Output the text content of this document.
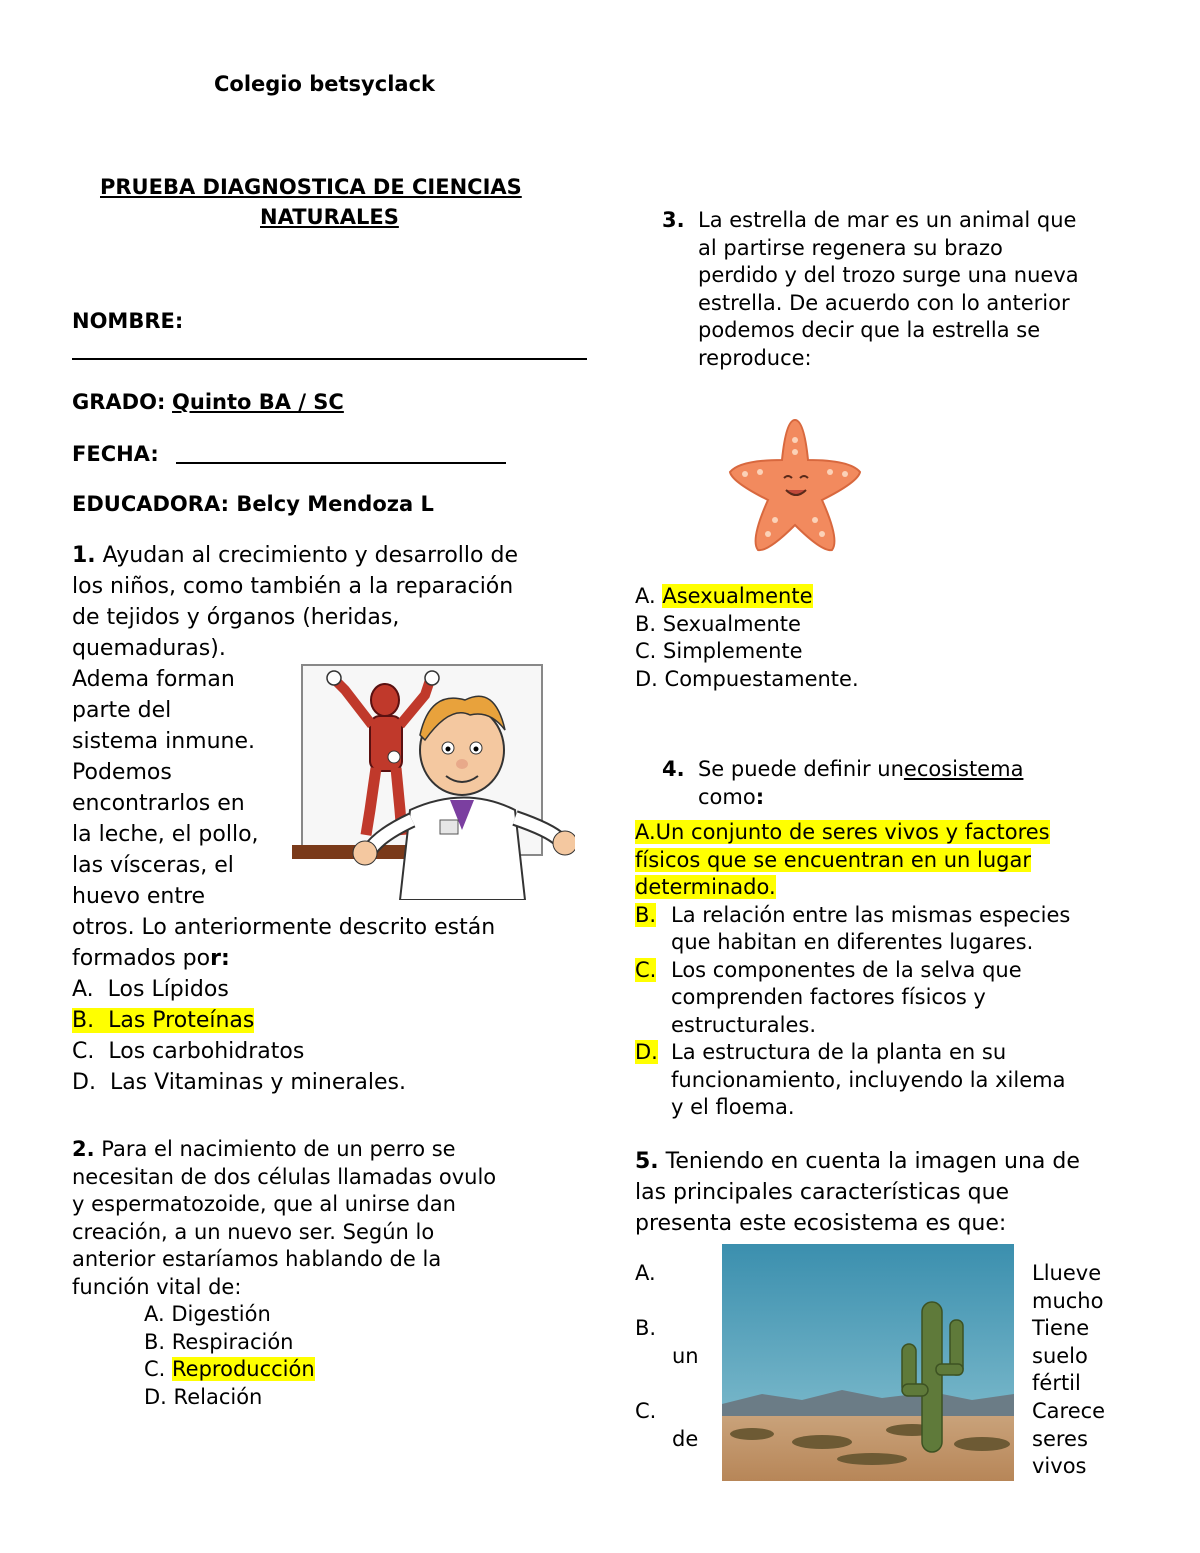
Colegio betsyclack
PRUEBA DIAGNOSTICA DE CIENCIAS
NATURALES
NOMBRE:
GRADO: Quinto BA / SC
FECHA:
EDUCADORA: Belcy Mendoza L
1. Ayudan al crecimiento y desarrollo de
los niños, como también a la reparación
de tejidos y órganos (heridas,
quemaduras).
Adema forman
parte del
sistema inmune.
Podemos
encontrarlos en
la leche, el pollo,
las vísceras, el
huevo entre
otros. Lo anteriormente descrito están
formados por:
A. Los Lípidos
B. Las Proteínas
C. Los carbohidratos
D. Las Vitaminas y minerales.
2. Para el nacimiento de un perro se
necesitan de dos células llamadas ovulo
y espermatozoide, que al unirse dan
creación, a un nuevo ser. Según lo
anterior estaríamos hablando de la
función vital de:
A. Digestión
B. Respiración
C. Reproducción
D. Relación
3. La estrella de mar es un animal que
al partirse regenera su brazo
perdido y del trozo surge una nueva
estrella. De acuerdo con lo anterior
podemos decir que la estrella se
reproduce:
A. Asexualmente
B. Sexualmente
C. Simplemente
D. Compuestamente.
4. Se puede definir unecosistema
como:
A.Un conjunto de seres vivos y factores
físicos que se encuentran en un lugar
determinado.
B. La relación entre las mismas especies
que habitan en diferentes lugares.
C. Los componentes de la selva que
comprenden factores físicos y
estructurales.
D. La estructura de la planta en su
funcionamiento, incluyendo la xilema
y el floema.
5. Teniendo en cuenta la imagen una de
las principales características que
presenta este ecosistema es que:
A.
B.
un
C.
de
Llueve
mucho
Tiene
suelo
fértil
Carece
seres
vivos
